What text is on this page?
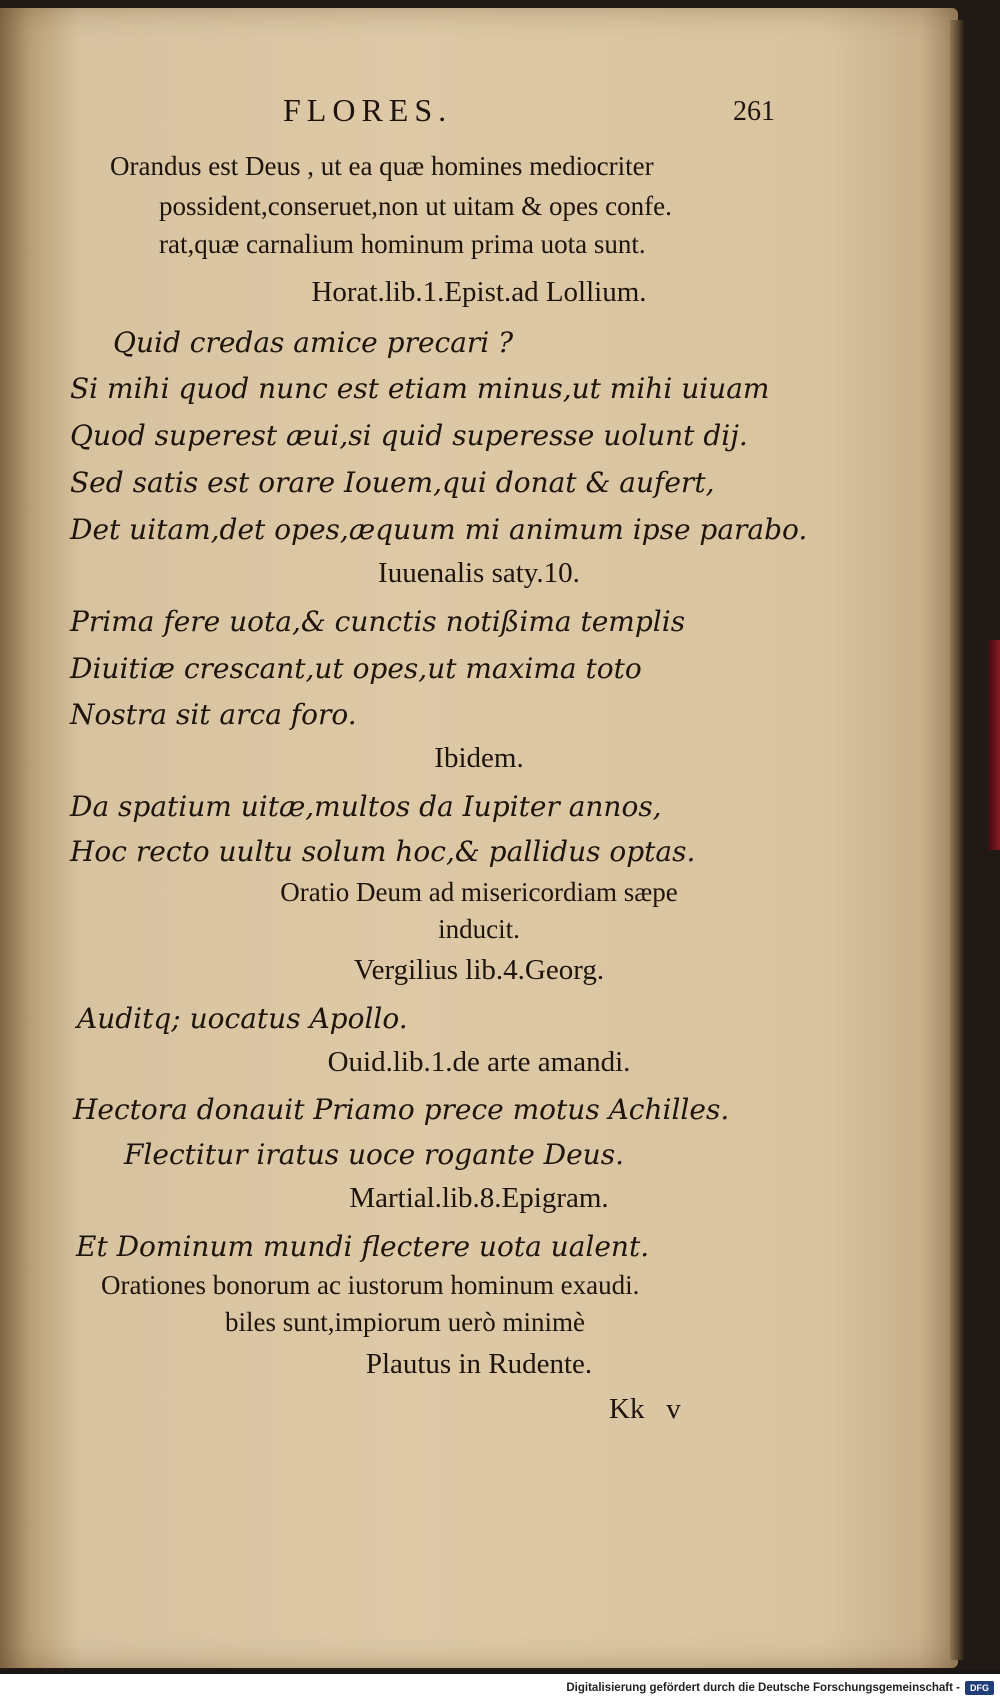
FLORES.	261
Orandus est Deus , ut ea quæ homines mediocriter
possident,conseruet,non ut uitam & opes confe.
rat,quæ carnalium hominum prima uota sunt.
Horat.lib.1.Epist.ad Lollium.
Quid credas amice precari ?
Si mihi quod nunc est etiam minus,ut mihi uiuam
Quod superest æui,si quid superesse uolunt dij.
Sed satis est orare Iouem,qui donat & aufert,
Det uitam,det opes,æquum mi animum ipse parabo.
Iuuenalis saty.10.
Prima fere uota,& cunctis notißima templis
Diuitiæ crescant,ut opes,ut maxima toto
Nostra sit arca foro.
Ibidem.
Da spatium uitæ,multos da Iupiter annos,
Hoc recto uultu solum hoc,& pallidus optas.
Oratio Deum ad misericordiam sæpe
inducit.
Vergilius lib.4.Georg.
Auditq; uocatus Apollo.
Ouid.lib.1.de arte amandi.
Hectora donauit Priamo prece motus Achilles.
Flectitur iratus uoce rogante Deus.
Martial.lib.8.Epigram.
Et Dominum mundi flectere uota ualent.
Orationes bonorum ac iustorum hominum exaudi.
biles sunt,impiorum uerò minimè
Plautus in Rudente.
Kk   v
Digitalisierung gefördert durch die Deutsche Forschungsgemeinschaft -	DFG
